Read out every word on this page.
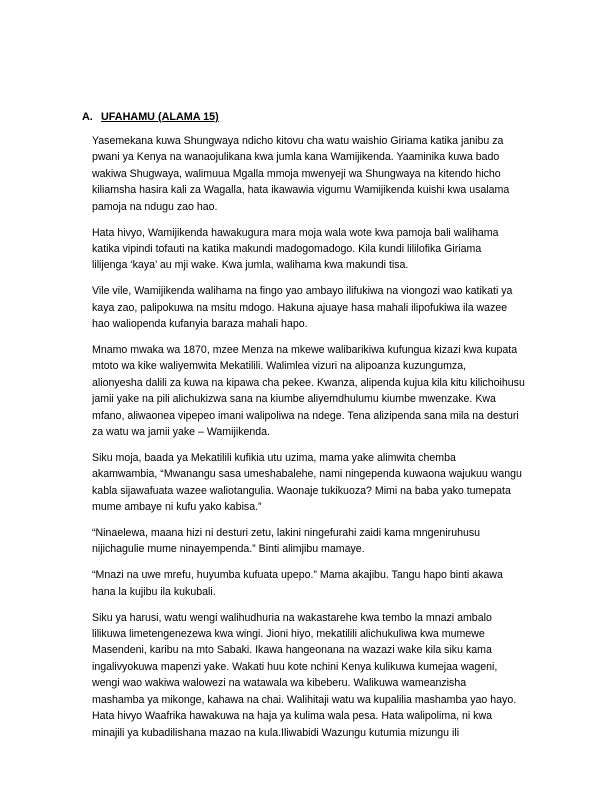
A. UFAHAMU (ALAMA 15)

Yasemekana kuwa Shungwaya ndicho kitovu cha watu waishio Giriama katika janibu za
pwani ya Kenya na wanaojulikana kwa jumla kana Wamijikenda. Yaaminika kuwa bado
wakiwa Shugwaya, walimuua Mgalla mmoja mwenyeji wa Shungwaya na kitendo hicho
kiliamsha hasira kali za Wagalla, hata ikawawia vigumu Wamijikenda kuishi kwa usalama
pamoja na ndugu zao hao.

Hata hivyo, Wamijikenda hawakugura mara moja wala wote kwa pamoja bali walihama
katika vipindi tofauti na katika makundi madogomadogo. Kila kundi lililofika Giriama
lilijenga ‘kaya’ au mji wake. Kwa jumla, walihama kwa makundi tisa.

Vile vile, Wamijikenda walihama na fingo yao ambayo ilifukiwa na viongozi wao katikati ya
kaya zao, palipokuwa na msitu mdogo. Hakuna ajuaye hasa mahali ilipofukiwa ila wazee
hao waliopenda kufanyia baraza mahali hapo.

Mnamo mwaka wa 1870, mzee Menza na mkewe walibarikiwa kufungua kizazi kwa kupata
mtoto wa kike waliyemwita Mekatilili. Walimlea vizuri na alipoanza kuzungumza,
alionyesha dalili za kuwa na kipawa cha pekee. Kwanza, alipenda kujua kila kitu kilichoihusu
jamii yake na pili alichukizwa sana na kiumbe aliyemdhulumu kiumbe mwenzake. Kwa
mfano, aliwaonea vipepeo imani walipoliwa na ndege. Tena alizipenda sana mila na desturi
za watu wa jamii yake – Wamijikenda.

Siku moja, baada ya Mekatilili kufikia utu uzima, mama yake alimwita chemba
akamwambia, “Mwanangu sasa umeshabalehe, nami ningependa kuwaona wajukuu wangu
kabla sijawafuata wazee waliotangulia. Waonaje tukikuoza? Mimi na baba yako tumepata
mume ambaye ni kufu yako kabisa.”

“Ninaelewa, maana hizi ni desturi zetu, lakini ningefurahi zaidi kama mngeniruhusu
nijichagulie mume ninayempenda.” Binti alimjibu mamaye.

“Mnazi na uwe mrefu, huyumba kufuata upepo.” Mama akajibu. Tangu hapo binti akawa
hana la kujibu ila kukubali.

Siku ya harusi, watu wengi walihudhuria na wakastarehe kwa tembo la mnazi ambalo
lilikuwa limetengenezewa kwa wingi. Jioni hiyo, mekatilili alichukuliwa kwa mumewe
Masendeni, karibu na mto Sabaki. Ikawa hangeonana na wazazi wake kila siku kama
ingalivyokuwa mapenzi yake. Wakati huu kote nchini Kenya kulikuwa kumejaa wageni,
wengi wao wakiwa walowezi na watawala wa kibeberu. Walikuwa wameanzisha
mashamba ya mikonge, kahawa na chai. Walihitaji watu wa kupalilia mashamba yao hayo.
Hata hivyo Waafrika hawakuwa na haja ya kulima wala pesa. Hata walipolima, ni kwa
minajili ya kubadilishana mazao na kula.Iliwabidi Wazungu kutumia mizungu ili
